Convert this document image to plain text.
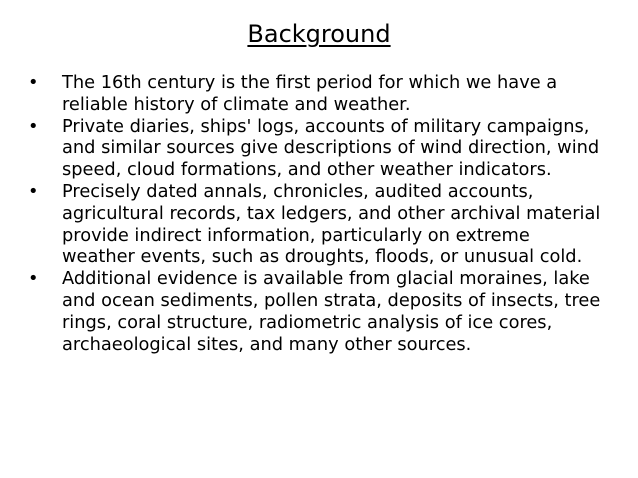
Background
•	The 16th century is the first period for which we have a reliable history of climate and weather.
•	Private diaries, ships' logs, accounts of military campaigns, and similar sources give descriptions of wind direction, wind speed, cloud formations, and other weather indicators.
•	Precisely dated annals, chronicles, audited accounts, agricultural records, tax ledgers, and other archival material provide indirect information, particularly on extreme weather events, such as droughts, floods, or unusual cold.
•	Additional evidence is available from glacial moraines, lake and ocean sediments, pollen strata, deposits of insects, tree rings, coral structure, radiometric analysis of ice cores, archaeological sites, and many other sources.
